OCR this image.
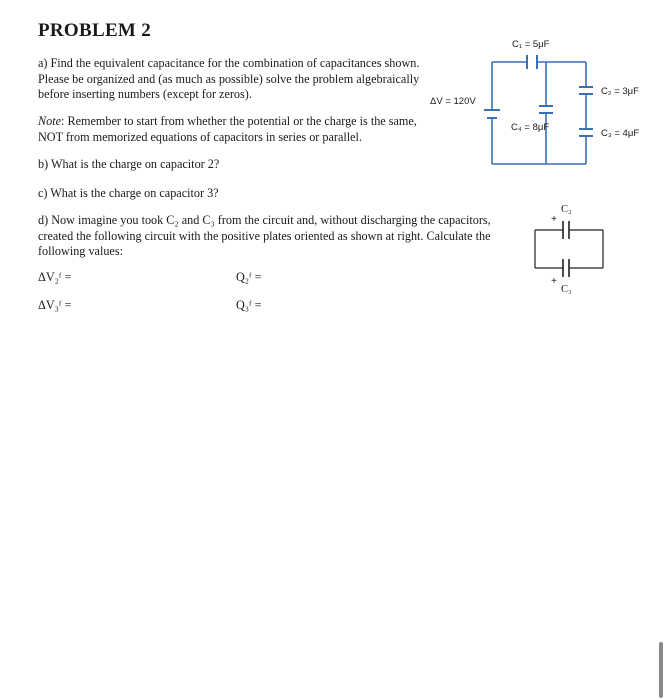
PROBLEM 2
a) Find the equivalent capacitance for the combination of capacitances shown. Please be organized and (as much as possible) solve the problem algebraically before inserting numbers (except for zeros).
Note: Remember to start from whether the potential or the charge is the same, NOT from memorized equations of capacitors in series or parallel.
b) What is the charge on capacitor 2?
c) What is the charge on capacitor 3?
d) Now imagine you took C₂ and C₃ from the circuit and, without discharging the capacitors, created the following circuit with the positive plates oriented as shown at right. Calculate the following values:
ΔV₂ᶠ =	Q₂ᶠ =
ΔV₃ᶠ =	Q₃ᶠ =
C₁ = 5μF
C₂ = 3μF
C₃ = 4μF
C₄ = 8μF
ΔV = 120V
C₂
C₃
+
+
